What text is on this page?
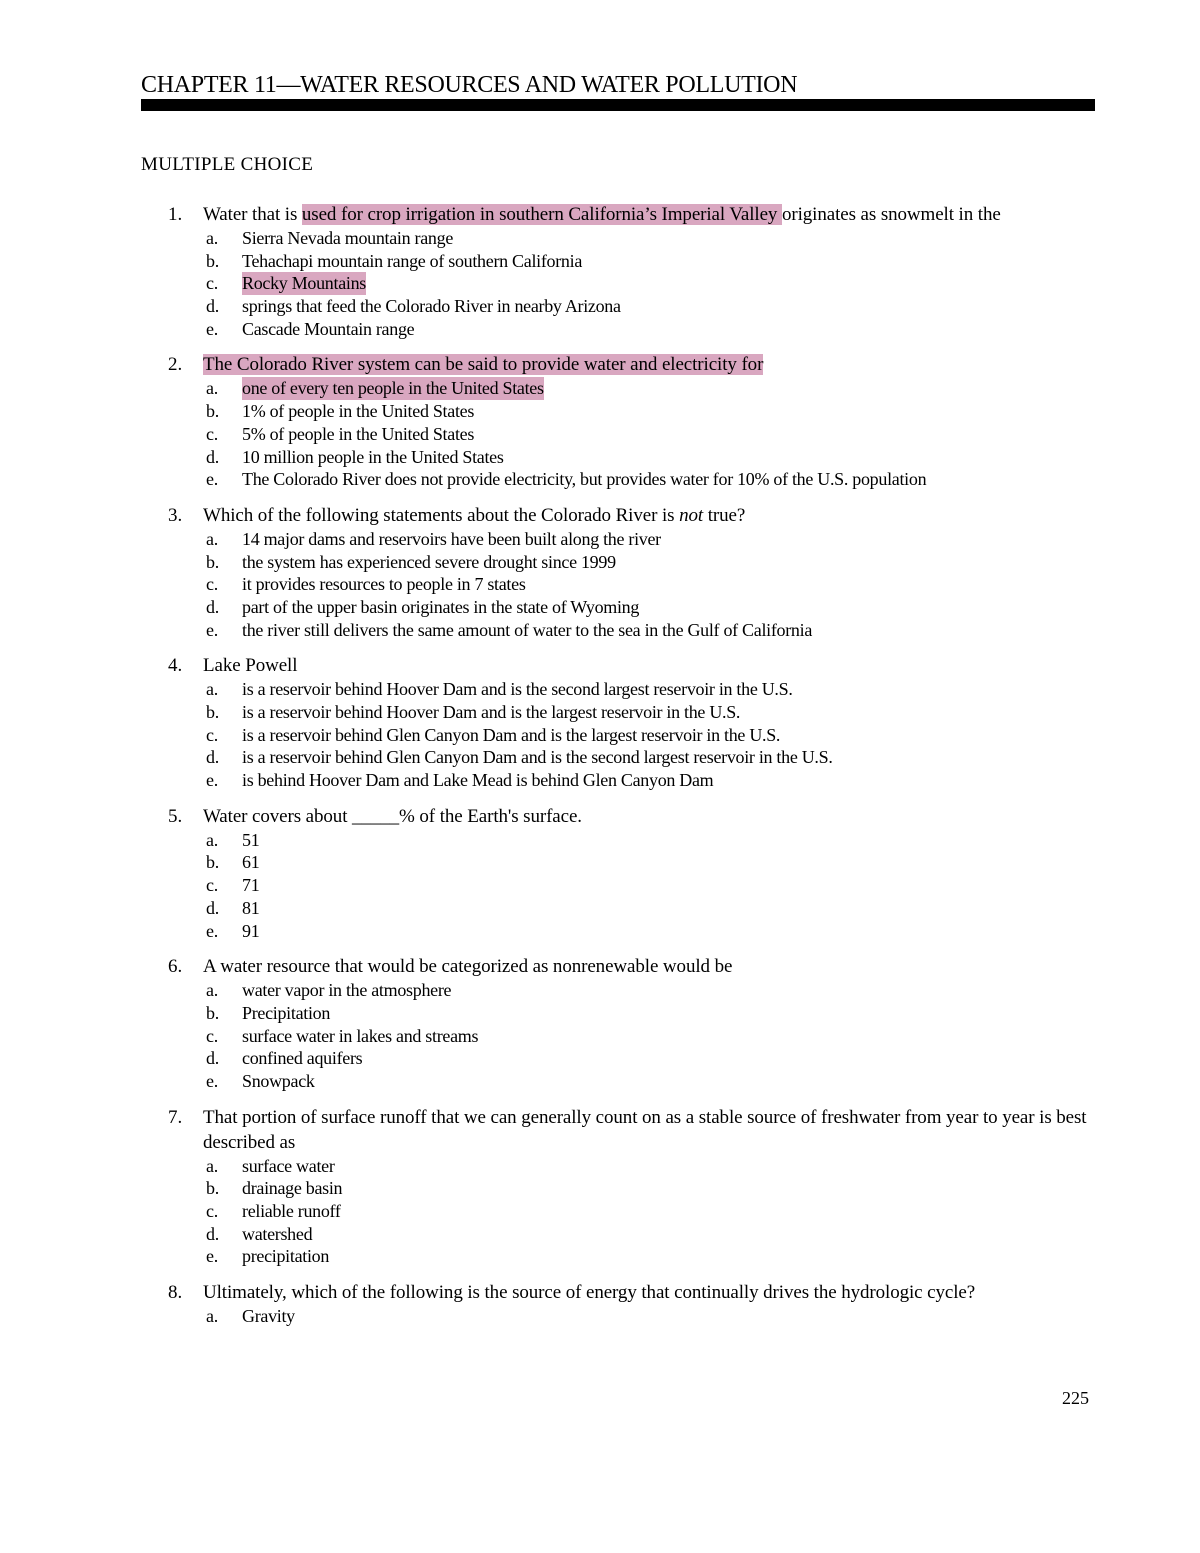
CHAPTER 11—WATER RESOURCES AND WATER POLLUTION
MULTIPLE CHOICE
1. Water that is used for crop irrigation in southern California’s Imperial Valley originates as snowmelt in the
a. Sierra Nevada mountain range
b. Tehachapi mountain range of southern California
c. Rocky Mountains
d. springs that feed the Colorado River in nearby Arizona
e. Cascade Mountain range
2. The Colorado River system can be said to provide water and electricity for
a. one of every ten people in the United States
b. 1% of people in the United States
c. 5% of people in the United States
d. 10 million people in the United States
e. The Colorado River does not provide electricity, but provides water for 10% of the U.S. population
3. Which of the following statements about the Colorado River is not true?
a. 14 major dams and reservoirs have been built along the river
b. the system has experienced severe drought since 1999
c. it provides resources to people in 7 states
d. part of the upper basin originates in the state of Wyoming
e. the river still delivers the same amount of water to the sea in the Gulf of California
4. Lake Powell
a. is a reservoir behind Hoover Dam and is the second largest reservoir in the U.S.
b. is a reservoir behind Hoover Dam and is the largest reservoir in the U.S.
c. is a reservoir behind Glen Canyon Dam and is the largest reservoir in the U.S.
d. is a reservoir behind Glen Canyon Dam and is the second largest reservoir in the U.S.
e. is behind Hoover Dam and Lake Mead is behind Glen Canyon Dam
5. Water covers about _____% of the Earth's surface.
a. 51
b. 61
c. 71
d. 81
e. 91
6. A water resource that would be categorized as nonrenewable would be
a. water vapor in the atmosphere
b. Precipitation
c. surface water in lakes and streams
d. confined aquifers
e. Snowpack
7. That portion of surface runoff that we can generally count on as a stable source of freshwater from year to year is best described as
a. surface water
b. drainage basin
c. reliable runoff
d. watershed
e. precipitation
8. Ultimately, which of the following is the source of energy that continually drives the hydrologic cycle?
a. Gravity
225
